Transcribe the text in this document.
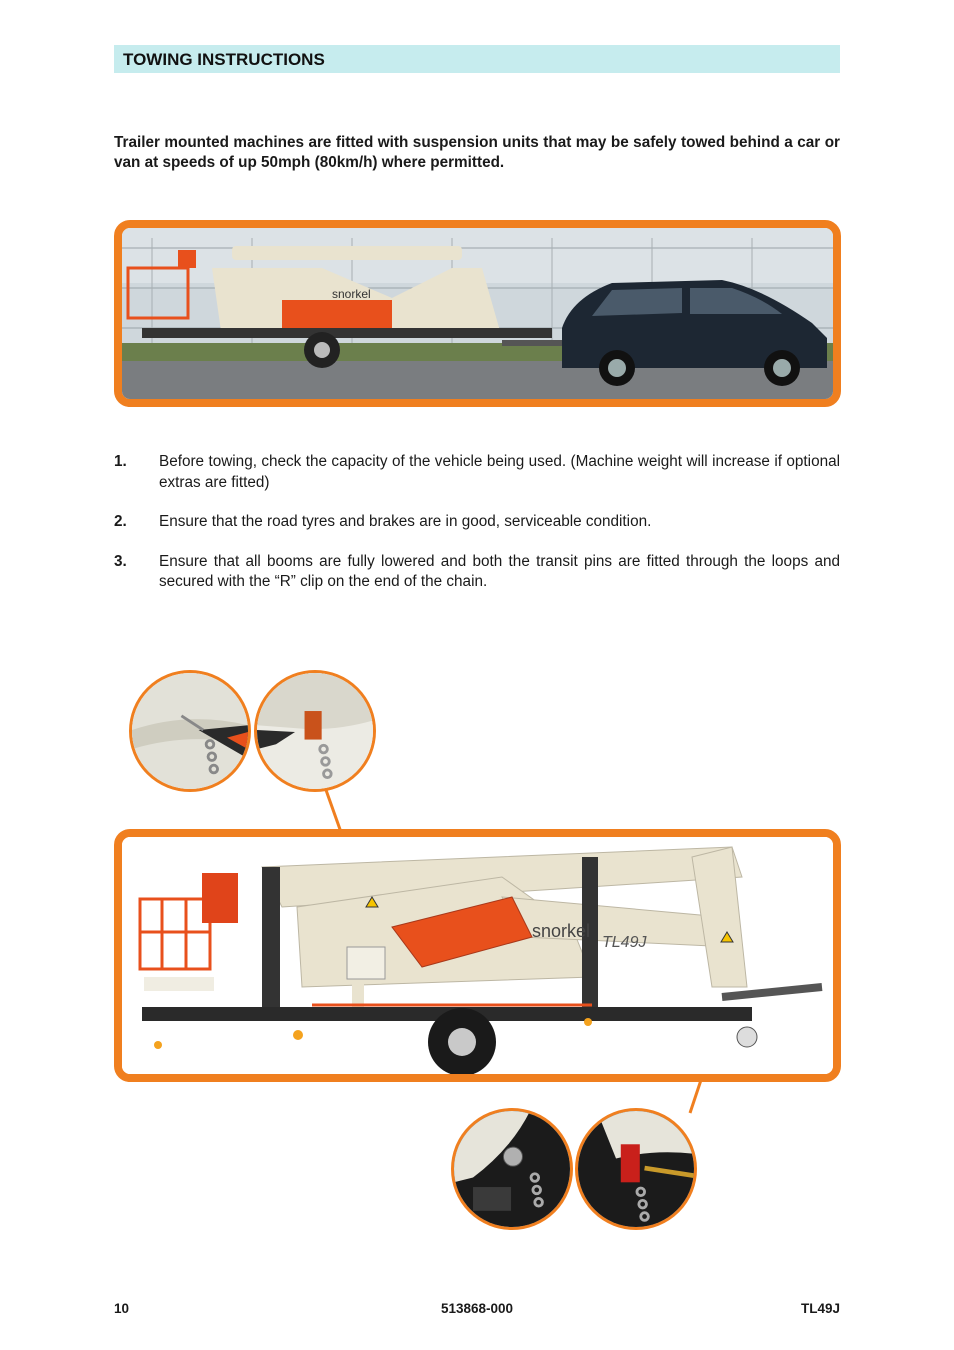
TOWING INSTRUCTIONS
Trailer mounted machines are fitted with suspension units that may be safely towed behind a car or van at speeds of up 50mph (80km/h) where permitted.
snorkel
1. Before towing, check the capacity of the vehicle being used. (Machine weight will increase if optional extras are fitted)
2. Ensure that the road tyres and brakes are in good, serviceable condition.
3. Ensure that all booms are fully lowered and both the transit pins are fitted through the loops and secured with the “R” clip on the end of the chain.
snorkel
TL49J
10	513868-000	TL49J
